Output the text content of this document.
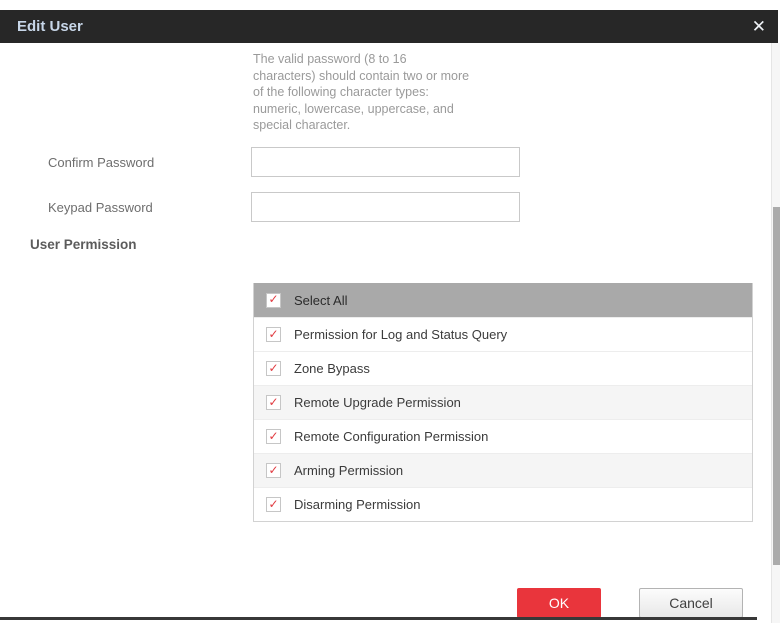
Edit User	✕
The valid password (8 to 16
characters) should contain two or more
of the following character types:
numeric, lowercase, uppercase, and
special character.
Confirm Password
Keypad Password
User Permission
✓ Select All
✓ Permission for Log and Status Query
✓ Zone Bypass
✓ Remote Upgrade Permission
✓ Remote Configuration Permission
✓ Arming Permission
✓ Disarming Permission
OK	Cancel
